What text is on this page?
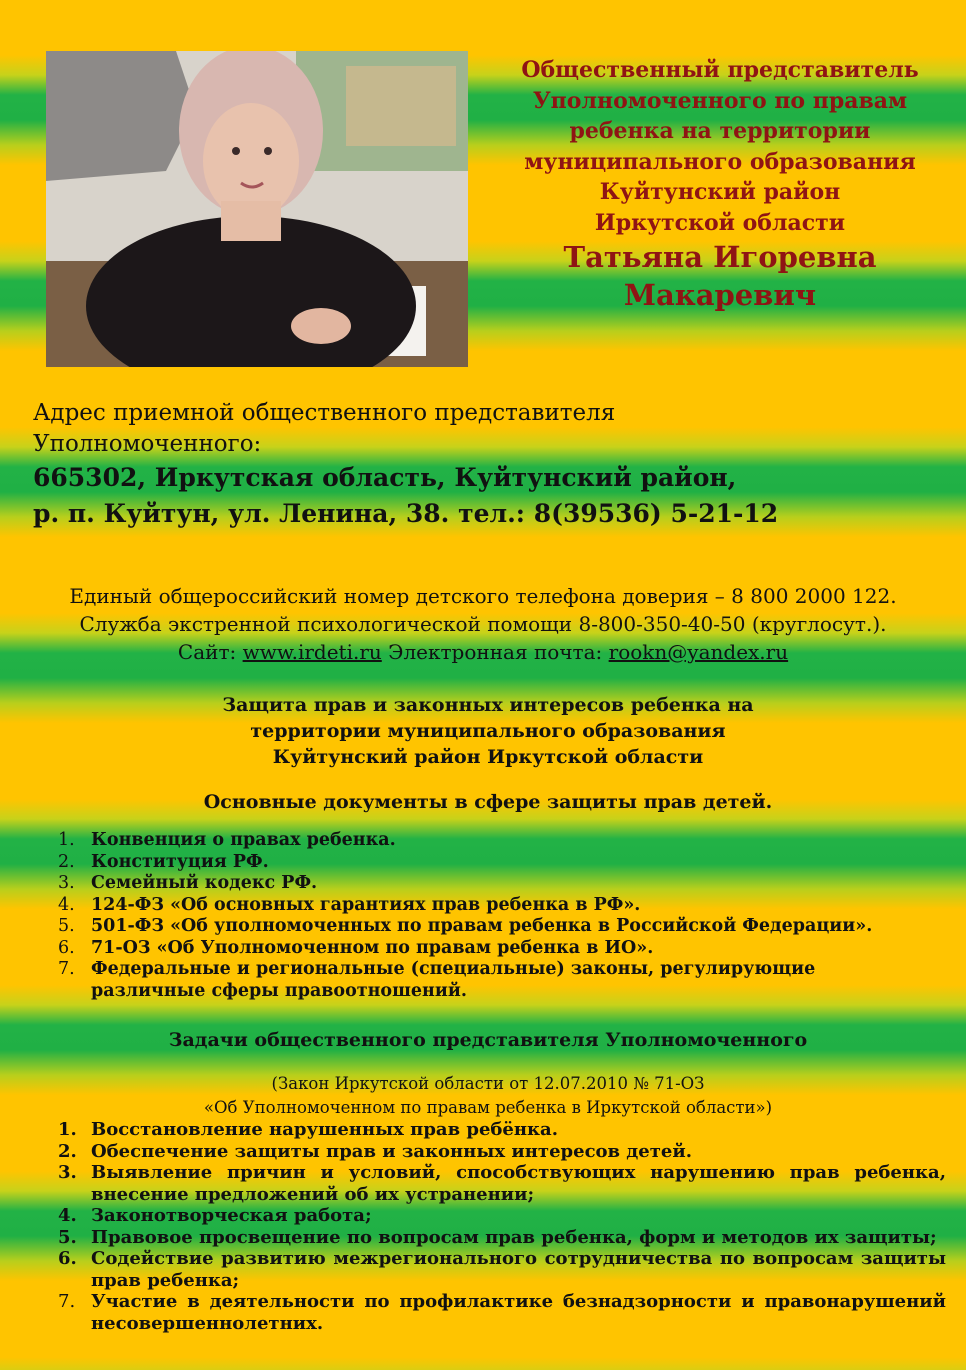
Общественный представитель
Уполномоченного по правам
ребенка на территории
муниципального образования
Куйтунский район
Иркутской области
Татьяна Игоревна
Макаревич
Адрес приемной общественного представителя
Уполномоченного:
665302, Иркутская область, Куйтунский район,
р. п. Куйтун, ул. Ленина, 38. тел.: 8(39536) 5-21-12
Единый общероссийский номер детского телефона доверия – 8 800 2000 122.
Служба экстренной психологической помощи 8-800-350-40-50 (круглосут.).
Сайт: www.irdeti.ru Электронная почта: rookn@yandex.ru
Защита прав и законных интересов ребенка на
территории муниципального образования
Куйтунский район Иркутской области
Основные документы в сфере защиты прав детей.
1. Конвенция о правах ребенка.
2. Конституция РФ.
3. Семейный кодекс РФ.
4. 124-ФЗ «Об основных гарантиях прав ребенка в РФ».
5. 501-ФЗ «Об уполномоченных по правам ребенка в Российской Федерации».
6. 71-ОЗ «Об Уполномоченном по правам ребенка в ИО».
7. Федеральные и региональные (специальные) законы, регулирующие различные сферы правоотношений.
Задачи общественного представителя Уполномоченного
(Закон Иркутской области от 12.07.2010 № 71-ОЗ
«Об Уполномоченном по правам ребенка в Иркутской области»)
1. Восстановление нарушенных прав ребёнка.
2. Обеспечение защиты прав и законных интересов детей.
3. Выявление причин и условий, способствующих нарушению прав ребенка, внесение предложений об их устранении;
4. Законотворческая работа;
5. Правовое просвещение по вопросам прав ребенка, форм и методов их защиты;
6. Содействие развитию межрегионального сотрудничества по вопросам защиты прав ребенка;
7. Участие в деятельности по профилактике безнадзорности и правонарушений несовершеннолетних.
